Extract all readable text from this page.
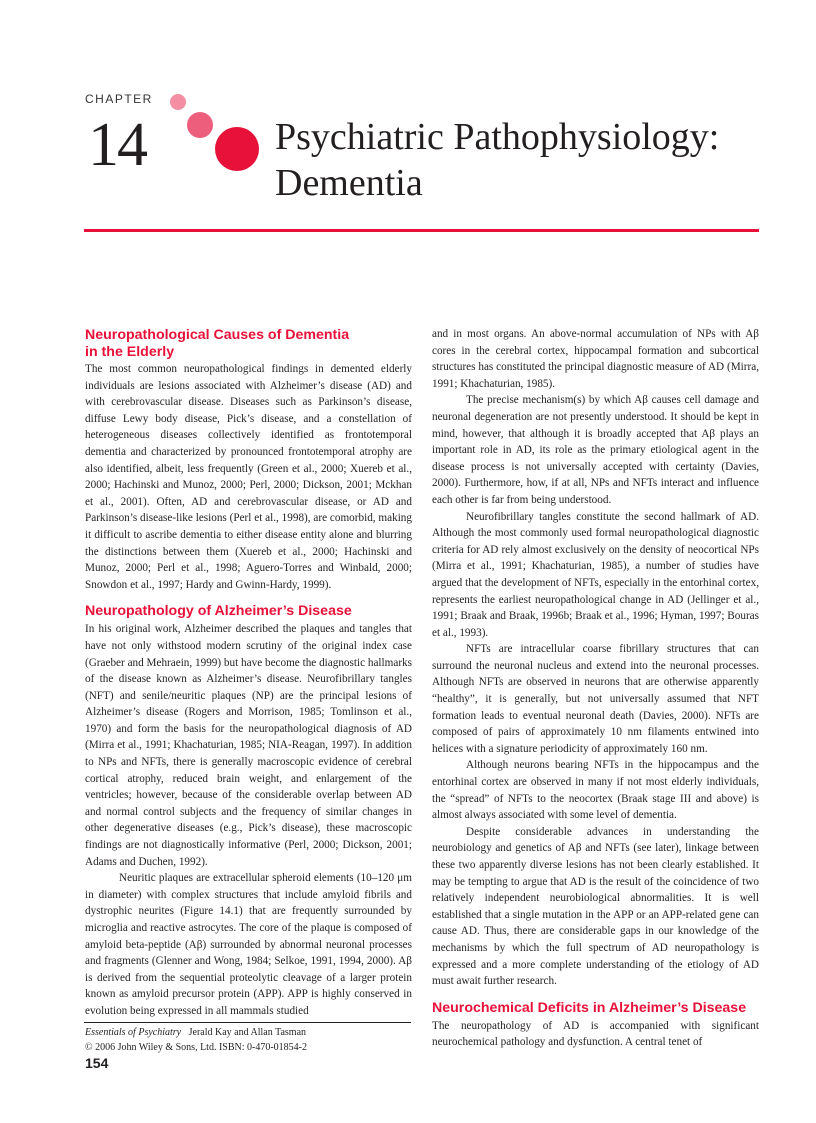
CHAPTER
14	Psychiatric Pathophysiology:
Dementia
Neuropathological Causes of Dementia
in the Elderly

The most common neuropathological findings in demented elderly individuals are lesions associated with Alzheimer’s disease (AD) and with cerebrovascular disease. Diseases such as Parkinson’s disease, diffuse Lewy body disease, Pick’s disease, and a constellation of heterogeneous diseases collectively identified as frontotemporal dementia and characterized by pronounced frontotemporal atrophy are also identified, albeit, less frequently (Green et al., 2000; Xuereb et al., 2000; Hachinski and Munoz, 2000; Perl, 2000; Dickson, 2001; Mckhan et al., 2001). Often, AD and cerebrovascular disease, or AD and Parkinson’s disease-like lesions (Perl et al., 1998), are comorbid, making it difficult to ascribe dementia to either disease entity alone and blurring the distinctions between them (Xuereb et al., 2000; Hachinski and Munoz, 2000; Perl et al., 1998; Aguero-Torres and Winbald, 2000; Snowdon et al., 1997; Hardy and Gwinn-Hardy, 1999).

Neuropathology of Alzheimer’s Disease

In his original work, Alzheimer described the plaques and tangles that have not only withstood modern scrutiny of the original index case (Graeber and Mehraein, 1999) but have become the diagnostic hallmarks of the disease known as Alzheimer’s disease. Neurofibrillary tangles (NFT) and senile/neuritic plaques (NP) are the principal lesions of Alzheimer’s disease (Rogers and Morrison, 1985; Tomlinson et al., 1970) and form the basis for the neuropathological diagnosis of AD (Mirra et al., 1991; Khachaturian, 1985; NIA-Reagan, 1997). In addition to NPs and NFTs, there is generally macroscopic evidence of cerebral cortical atrophy, reduced brain weight, and enlargement of the ventricles; however, because of the considerable overlap between AD and normal control subjects and the frequency of similar changes in other degenerative diseases (e.g., Pick’s disease), these macroscopic findings are not diagnostically informative (Perl, 2000; Dickson, 2001; Adams and Duchen, 1992).

Neuritic plaques are extracellular spheroid elements (10–120 μm in diameter) with complex structures that include amyloid fibrils and dystrophic neurites (Figure 14.1) that are frequently surrounded by microglia and reactive astrocytes. The core of the plaque is composed of amyloid beta-peptide (Aβ) surrounded by abnormal neuronal processes and fragments (Glenner and Wong, 1984; Selkoe, 1991, 1994, 2000). Aβ is derived from the sequential proteolytic cleavage of a larger protein known as amyloid precursor protein (APP). APP is highly conserved in evolution being expressed in all mammals studied

and in most organs. An above-normal accumulation of NPs with Aβ cores in the cerebral cortex, hippocampal formation and subcortical structures has constituted the principal diagnostic measure of AD (Mirra, 1991; Khachaturian, 1985).

The precise mechanism(s) by which Aβ causes cell damage and neuronal degeneration are not presently understood. It should be kept in mind, however, that although it is broadly accepted that Aβ plays an important role in AD, its role as the primary etiological agent in the disease process is not universally accepted with certainty (Davies, 2000). Furthermore, how, if at all, NPs and NFTs interact and influence each other is far from being understood.

Neurofibrillary tangles constitute the second hallmark of AD. Although the most commonly used formal neuropathological diagnostic criteria for AD rely almost exclusively on the density of neocortical NPs (Mirra et al., 1991; Khachaturian, 1985), a number of studies have argued that the development of NFTs, especially in the entorhinal cortex, represents the earliest neuropathological change in AD (Jellinger et al., 1991; Braak and Braak, 1996b; Braak et al., 1996; Hyman, 1997; Bouras et al., 1993).

NFTs are intracellular coarse fibrillary structures that can surround the neuronal nucleus and extend into the neuronal processes. Although NFTs are observed in neurons that are otherwise apparently “healthy”, it is generally, but not universally assumed that NFT formation leads to eventual neuronal death (Davies, 2000). NFTs are composed of pairs of approximately 10 nm filaments entwined into helices with a signature periodicity of approximately 160 nm.

Although neurons bearing NFTs in the hippocampus and the entorhinal cortex are observed in many if not most elderly individuals, the “spread” of NFTs to the neocortex (Braak stage III and above) is almost always associated with some level of dementia.

Despite considerable advances in understanding the neurobiology and genetics of Aβ and NFTs (see later), linkage between these two apparently diverse lesions has not been clearly established. It may be tempting to argue that AD is the result of the coincidence of two relatively independent neurobiological abnormalities. It is well established that a single mutation in the APP or an APP-related gene can cause AD. Thus, there are considerable gaps in our knowledge of the mechanisms by which the full spectrum of AD neuropathology is expressed and a more complete understanding of the etiology of AD must await further research.

Neurochemical Deficits in Alzheimer’s Disease

The neuropathology of AD is accompanied with significant neurochemical pathology and dysfunction. A central tenet of

Essentials of Psychiatry Jerald Kay and Allan Tasman
© 2006 John Wiley & Sons, Ltd. ISBN: 0-470-01854-2
154
